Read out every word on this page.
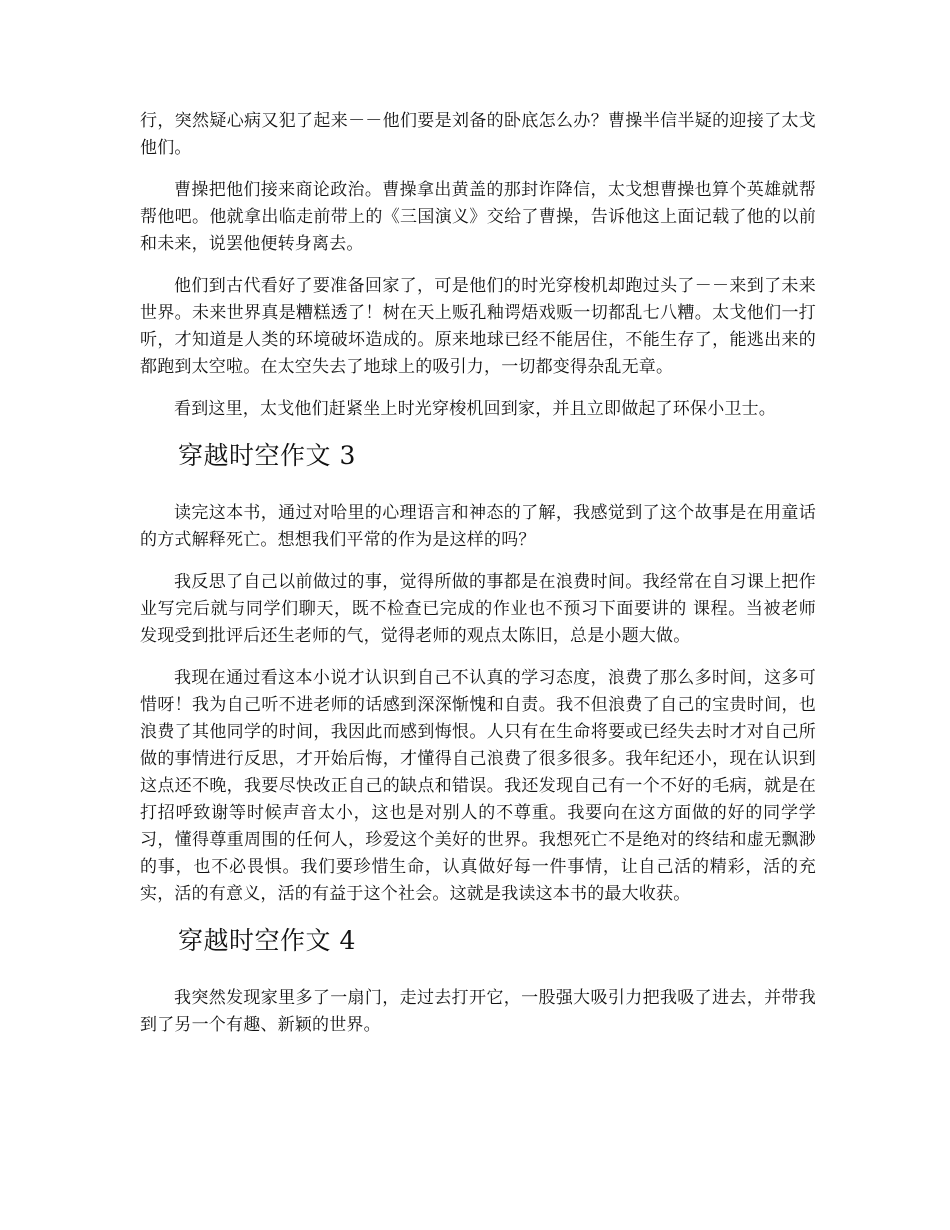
行，突然疑心病又犯了起来－－他们要是刘备的卧底怎么办？曹操半信半疑的迎接了太戈他们。

曹操把他们接来商论政治。曹操拿出黄盖的那封诈降信，太戈想曹操也算个英雄就帮帮他吧。他就拿出临走前带上的《三国演义》交给了曹操，告诉他这上面记载了他的以前和未来，说罢他便转身离去。

他们到古代看好了要准备回家了，可是他们的时光穿梭机却跑过头了－－来到了未来世界。未来世界真是糟糕透了！树在天上贩孔釉谔焐戏贩一切都乱七八糟。太戈他们一打听，才知道是人类的环境破坏造成的。原来地球已经不能居住，不能生存了，能逃出来的都跑到太空啦。在太空失去了地球上的吸引力，一切都变得杂乱无章。

看到这里，太戈他们赶紧坐上时光穿梭机回到家，并且立即做起了环保小卫士。

穿越时空作文 3

读完这本书，通过对哈里的心理语言和神态的了解，我感觉到了这个故事是在用童话的方式解释死亡。想想我们平常的作为是这样的吗？

我反思了自己以前做过的事，觉得所做的事都是在浪费时间。我经常在自习课上把作业写完后就与同学们聊天，既不检查已完成的作业也不预习下面要讲的 课程。当被老师发现受到批评后还生老师的气，觉得老师的观点太陈旧，总是小题大做。

我现在通过看这本小说才认识到自己不认真的学习态度，浪费了那么多时间，这多可惜呀！我为自己听不进老师的话感到深深惭愧和自责。我不但浪费了自己的宝贵时间，也浪费了其他同学的时间，我因此而感到悔恨。人只有在生命将要或已经失去时才对自己所做的事情进行反思，才开始后悔，才懂得自己浪费了很多很多。我年纪还小，现在认识到这点还不晚，我要尽快改正自己的缺点和错误。我还发现自己有一个不好的毛病，就是在打招呼致谢等时候声音太小，这也是对别人的不尊重。我要向在这方面做的好的同学学习，懂得尊重周围的任何人，珍爱这个美好的世界。我想死亡不是绝对的终结和虚无飘渺的事，也不必畏惧。我们要珍惜生命，认真做好每一件事情，让自己活的精彩，活的充实，活的有意义，活的有益于这个社会。这就是我读这本书的最大收获。

穿越时空作文 4

我突然发现家里多了一扇门，走过去打开它，一股强大吸引力把我吸了进去，并带我到了另一个有趣、新颖的世界。
